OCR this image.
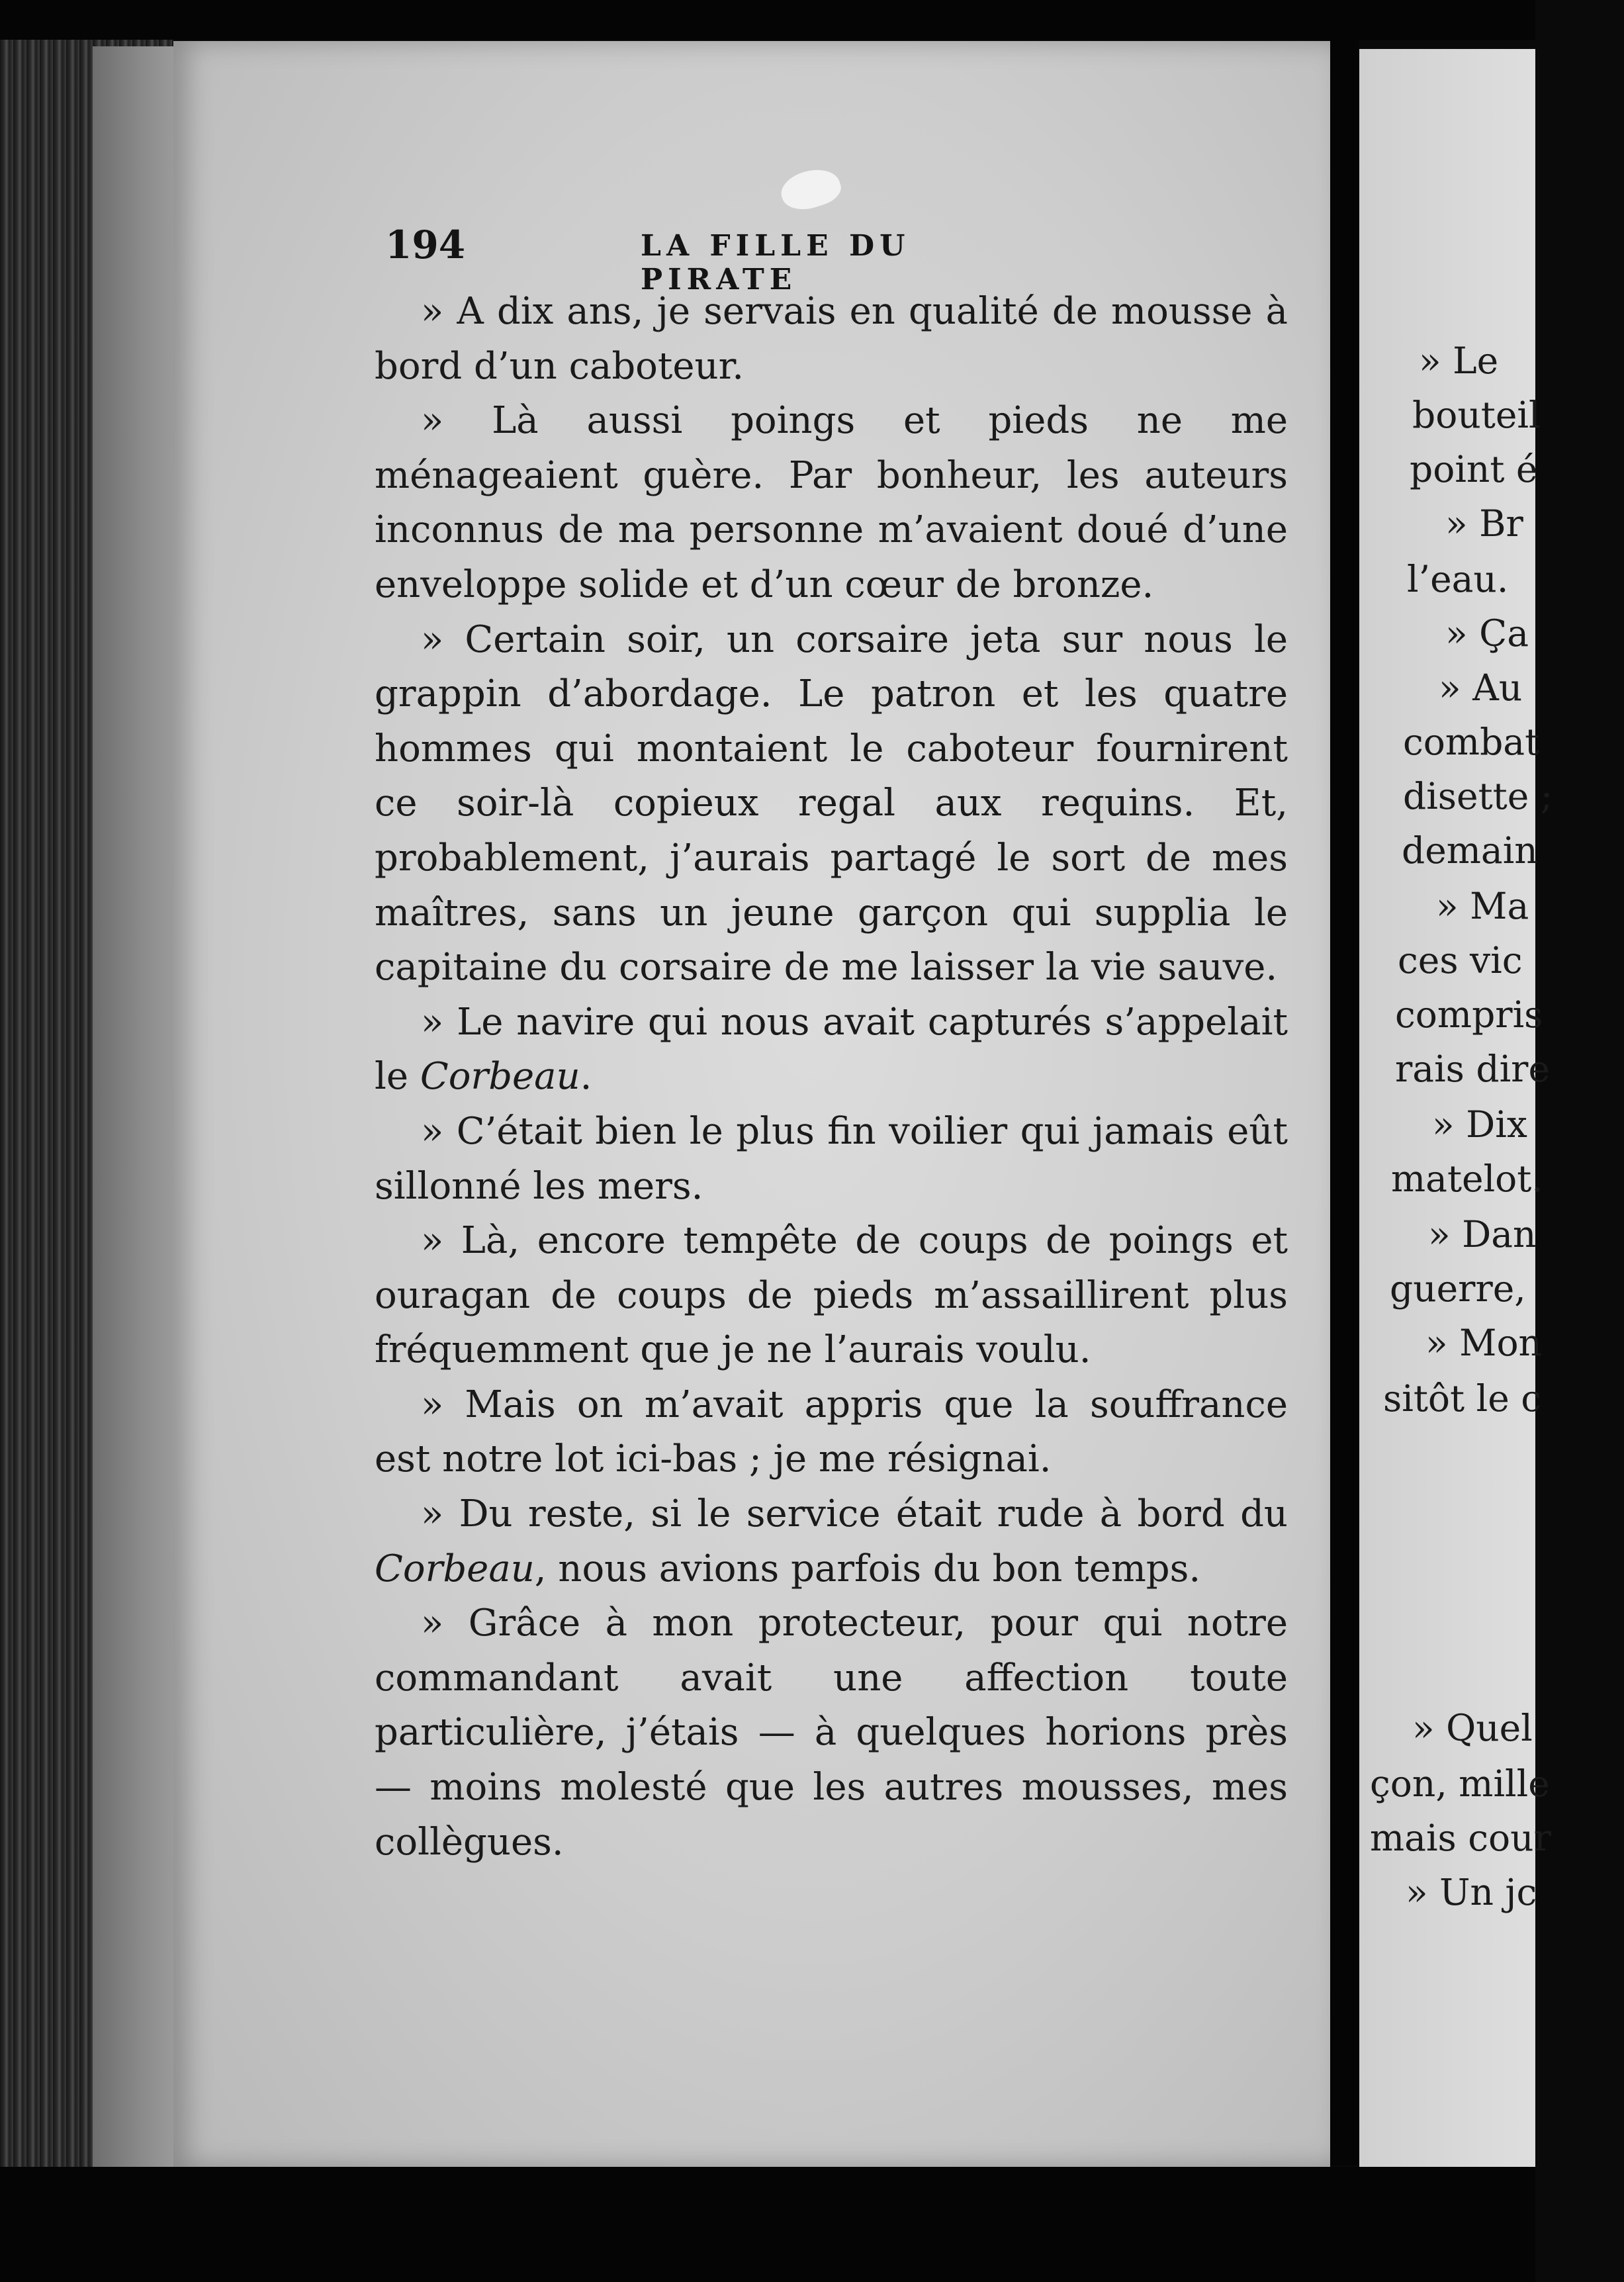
194	LA FILLE DU PIRATE

» A dix ans, je servais en qualité de mousse à bord d’un caboteur.

» Là aussi poings et pieds ne me ménageaient guère. Par bonheur, les auteurs inconnus de ma personne m’avaient doué d’une enveloppe solide et d’un cœur de bronze.

» Certain soir, un corsaire jeta sur nous le grappin d’abordage. Le patron et les quatre hommes qui montaient le caboteur fournirent ce soir-là copieux regal aux requins. Et, probablement, j’aurais partagé le sort de mes maîtres, sans un jeune garçon qui supplia le capitaine du corsaire de me laisser la vie sauve.

» Le navire qui nous avait capturés s’appelait le Corbeau.

» C’était bien le plus fin voilier qui jamais eût sillonné les mers.

» Là, encore tempête de coups de poings et ouragan de coups de pieds m’assaillirent plus fréquemment que je ne l’aurais voulu.

» Mais on m’avait appris que la souffrance est notre lot ici-bas ; je me résignai.

» Du reste, si le service était rude à bord du Corbeau, nous avions parfois du bon temps.

» Grâce à mon protecteur, pour qui notre commandant avait une affection toute particulière, j’étais — à quelques horions près — moins molesté que les autres mousses, mes collègues.

» Le
bouteil
point é
» Br
l’eau.
» Ça
» Au
combat
disette ;
demain
» Ma
ces vic
compris
rais dire
» Dix
matelot.
» Dan
guerre,
» Mon
sitôt le c
» Quel
çon, mille
mais cour
» Un jc
